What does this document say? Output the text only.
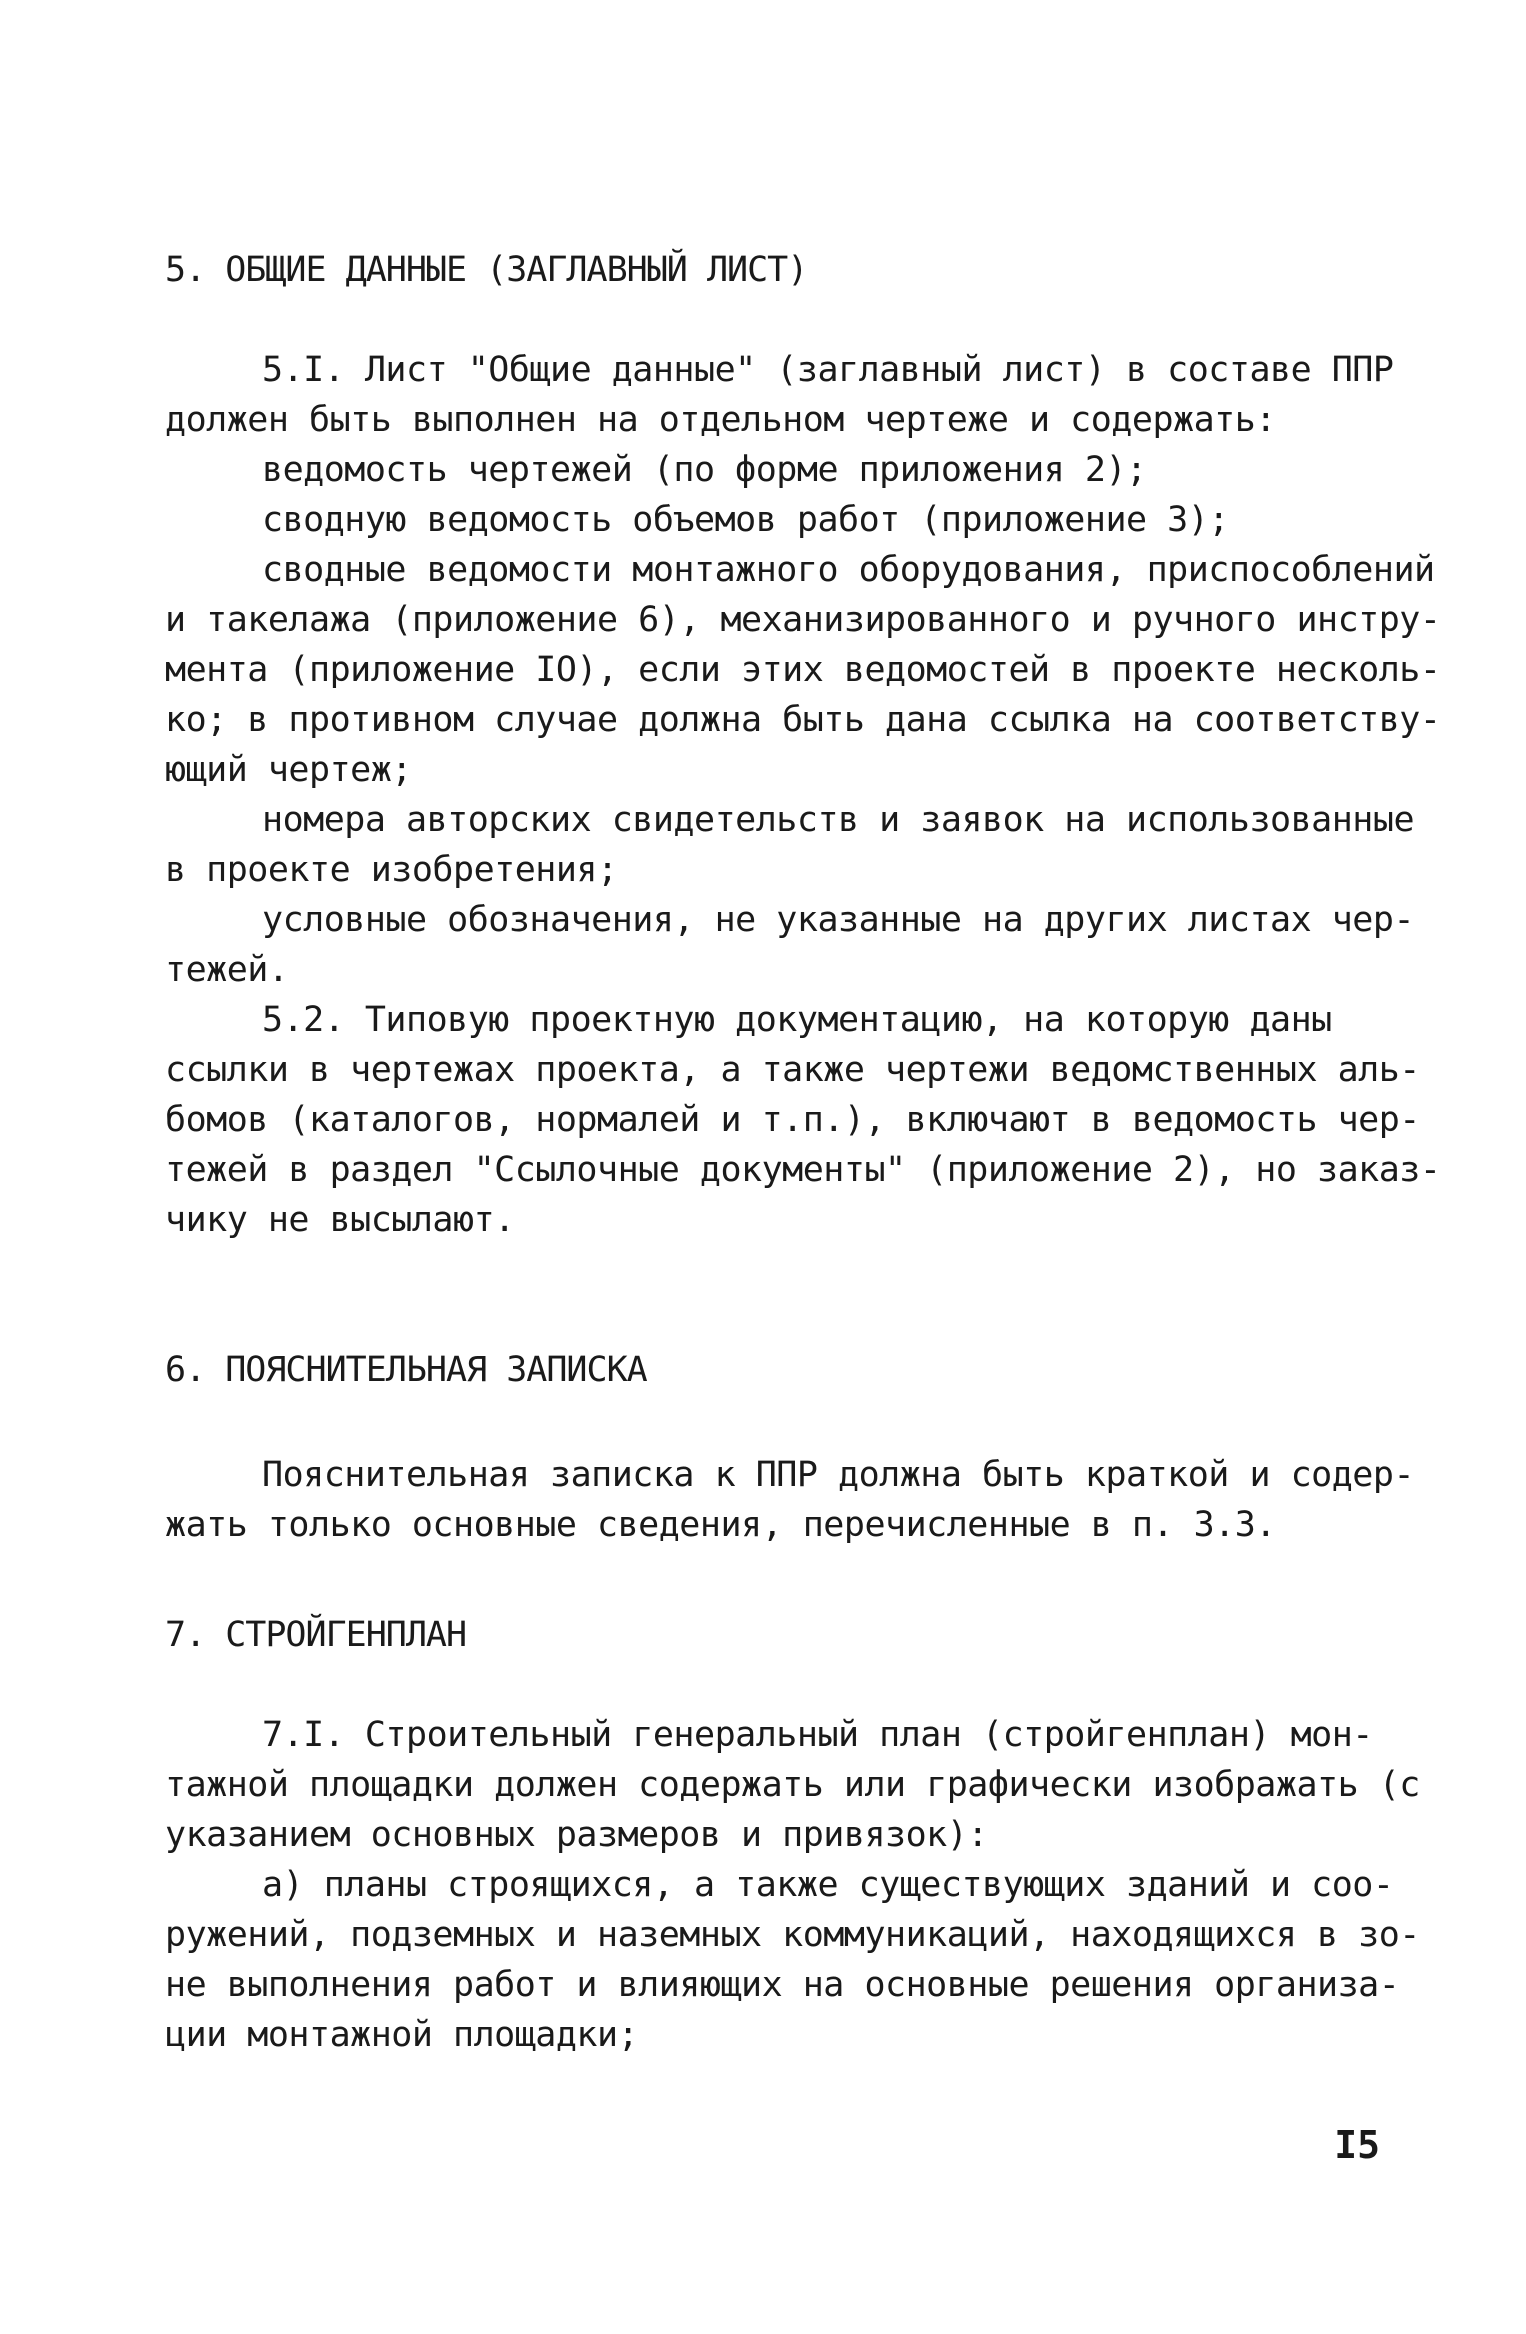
5. ОБЩИЕ ДАННЫЕ (ЗАГЛАВНЫЙ ЛИСТ)
5.I. Лист "Общие данные" (заглавный лист) в составе ППР
должен быть выполнен на отдельном чертеже и содержать:
ведомость чертежей (по форме приложения 2);
сводную ведомость объемов работ (приложение 3);
сводные ведомости монтажного оборудования, приспособлений
и такелажа (приложение 6), механизированного и ручного инстру-
мента (приложение IO), если этих ведомостей в проекте несколь-
ко; в противном случае должна быть дана ссылка на соответству-
ющий чертеж;
номера авторских свидетельств и заявок на использованные
в проекте изобретения;
условные обозначения, не указанные на других листах чер-
тежей.
5.2. Типовую проектную документацию, на которую даны
ссылки в чертежах проекта, а также чертежи ведомственных аль-
бомов (каталогов, нормалей и т.п.), включают в ведомость чер-
тежей в раздел "Ссылочные документы" (приложение 2), но заказ-
чику не высылают.
6. ПОЯСНИТЕЛЬНАЯ ЗАПИСКА
Пояснительная записка к ППР должна быть краткой и содер-
жать только основные сведения, перечисленные в п. 3.3.
7. СТРОЙГЕНПЛАН
7.I. Строительный генеральный план (стройгенплан) мон-
тажной площадки должен содержать или графически изображать (с
указанием основных размеров и привязок):
а) планы строящихся, а также существующих зданий и соо-
ружений, подземных и наземных коммуникаций, находящихся в зо-
не выполнения работ и влияющих на основные решения организа-
ции монтажной площадки;
I5
